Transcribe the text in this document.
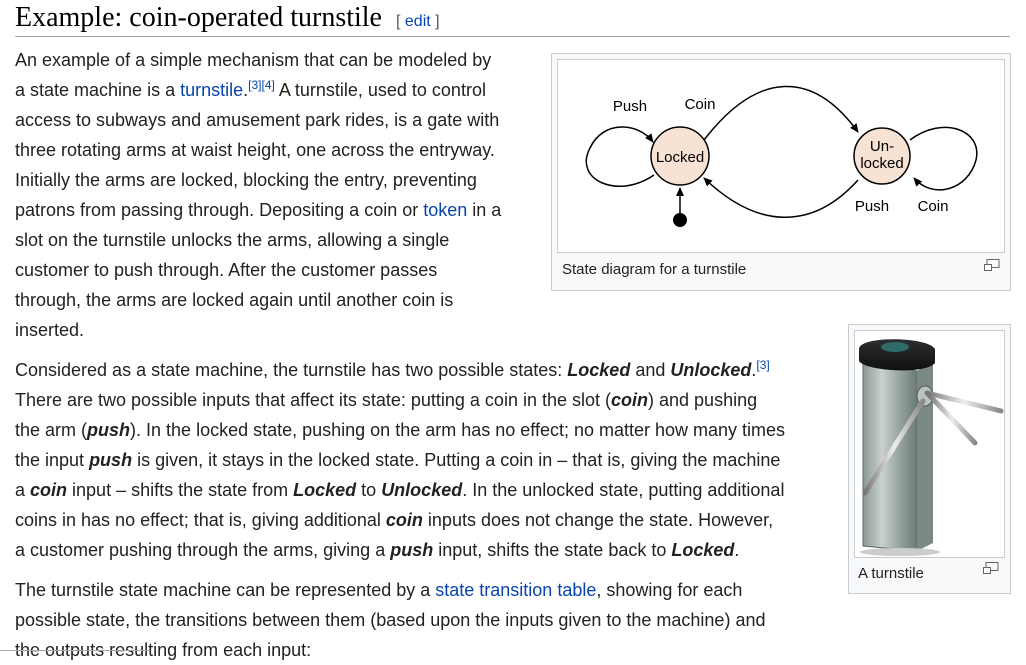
Example: coin-operated turnstile [ edit ]
An example of a simple mechanism that can be modeled by
a state machine is a turnstile.[3][4] A turnstile, used to control
access to subways and amusement park rides, is a gate with
three rotating arms at waist height, one across the entryway.
Initially the arms are locked, blocking the entry, preventing
patrons from passing through. Depositing a coin or token in a
slot on the turnstile unlocks the arms, allowing a single
customer to push through. After the customer passes
through, the arms are locked again until another coin is
inserted.
Locked
Un-
locked
Push Coin
Push Coin
State diagram for a turnstile
Considered as a state machine, the turnstile has two possible states: Locked and Unlocked.[3]
There are two possible inputs that affect its state: putting a coin in the slot (coin) and pushing
the arm (push). In the locked state, pushing on the arm has no effect; no matter how many times
the input push is given, it stays in the locked state. Putting a coin in – that is, giving the machine
a coin input – shifts the state from Locked to Unlocked. In the unlocked state, putting additional
coins in has no effect; that is, giving additional coin inputs does not change the state. However,
a customer pushing through the arms, giving a push input, shifts the state back to Locked.
A turnstile
The turnstile state machine can be represented by a state transition table, showing for each
possible state, the transitions between them (based upon the inputs given to the machine) and
the outputs resulting from each input:
